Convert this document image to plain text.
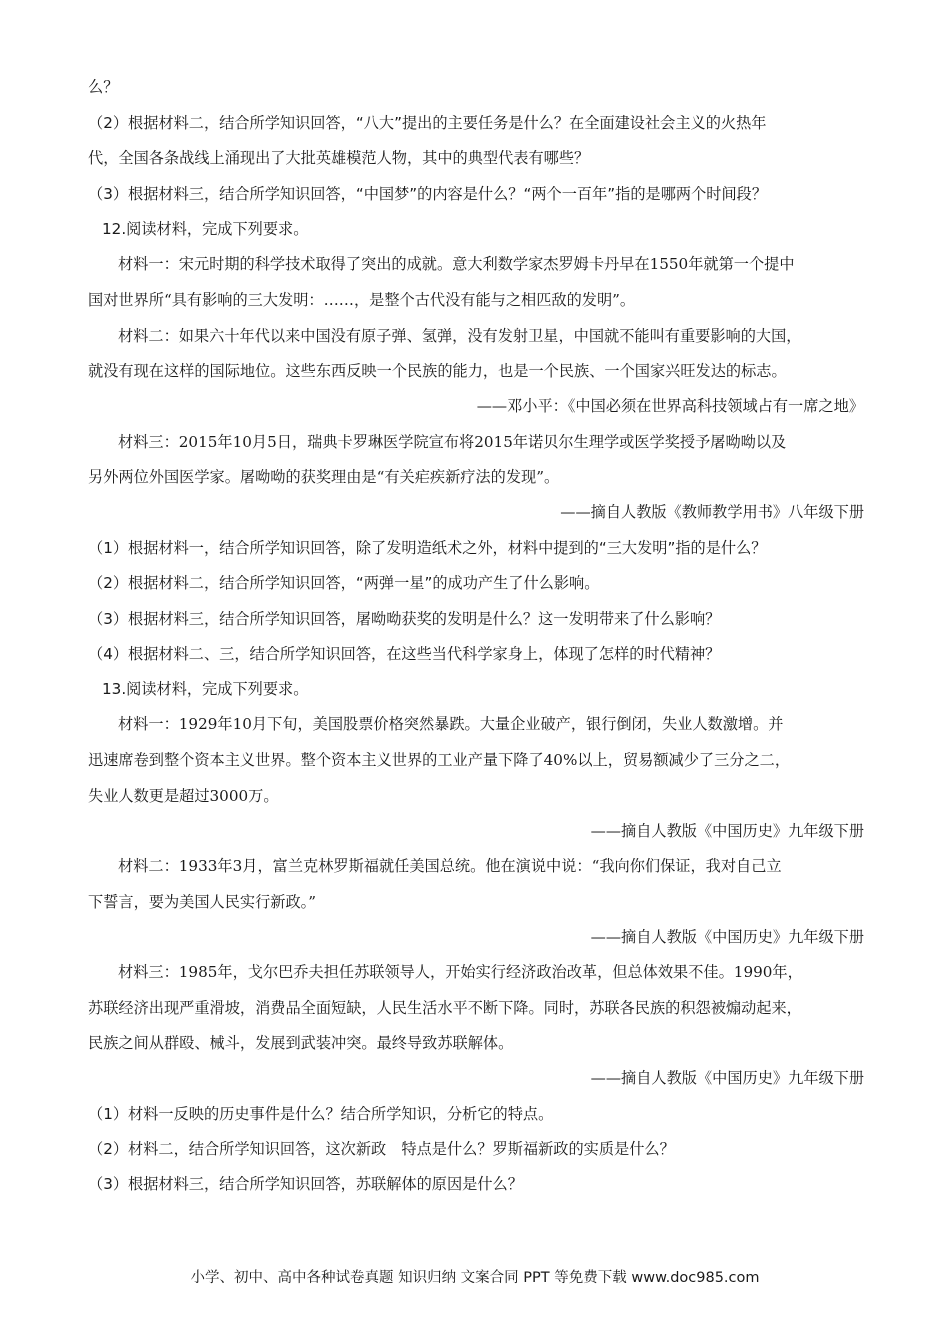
么？
（2）根据材料二，结合所学知识回答，“八大”提出的主要任务是什么？在全面建设社会主义的火热年
代，全国各条战线上涌现出了大批英雄模范人物，其中的典型代表有哪些？
（3）根据材料三，结合所学知识回答，“中国梦”的内容是什么？“两个一百年”指的是哪两个时间段？
12.阅读材料，完成下列要求。
材料一：宋元时期的科学技术取得了突出的成就。意大利数学家杰罗姆卡丹早在1550年就第一个提中
国对世界所“具有影响的三大发明：……，是整个古代没有能与之相匹敌的发明”。
材料二：如果六十年代以来中国没有原子弹、氢弹，没有发射卫星，中国就不能叫有重要影响的大国，
就没有现在这样的国际地位。这些东西反映一个民族的能力，也是一个民族、一个国家兴旺发达的标志。
——邓小平：《中国必须在世界高科技领域占有一席之地》
材料三：2015年10月5日，瑞典卡罗琳医学院宣布将2015年诺贝尔生理学或医学奖授予屠呦呦以及
另外两位外国医学家。屠呦呦的获奖理由是“有关疟疾新疗法的发现”。
——摘自人教版《教师教学用书》八年级下册
（1）根据材料一，结合所学知识回答，除了发明造纸术之外，材料中提到的“三大发明”指的是什么？
（2）根据材料二，结合所学知识回答，“两弹一星”的成功产生了什么影响。
（3）根据材料三，结合所学知识回答，屠呦呦获奖的发明是什么？这一发明带来了什么影响？
（4）根据材料二、三，结合所学知识回答，在这些当代科学家身上，体现了怎样的时代精神？
13.阅读材料，完成下列要求。
材料一：1929年10月下旬，美国股票价格突然暴跌。大量企业破产，银行倒闭，失业人数激增。并
迅速席卷到整个资本主义世界。整个资本主义世界的工业产量下降了40%以上，贸易额减少了三分之二，
失业人数更是超过3000万。
——摘自人教版《中国历史》九年级下册
材料二：1933年3月，富兰克林罗斯福就任美国总统。他在演说中说：“我向你们保证，我对自己立
下誓言，要为美国人民实行新政。”
——摘自人教版《中国历史》九年级下册
材料三：1985年，戈尔巴乔夫担任苏联领导人，开始实行经济政治改革，但总体效果不佳。1990年，
苏联经济出现严重滑坡，消费品全面短缺，人民生活水平不断下降。同时，苏联各民族的积怨被煽动起来，
民族之间从群殴、械斗，发展到武装冲突。最终导致苏联解体。
——摘自人教版《中国历史》九年级下册
（1）材料一反映的历史事件是什么？结合所学知识，分析它的特点。
（2）材料二，结合所学知识回答，这次新政　特点是什么？罗斯福新政的实质是什么？
（3）根据材料三，结合所学知识回答，苏联解体的原因是什么？
小学、初中、高中各种试卷真题 知识归纳 文案合同 PPT 等免费下载 www.doc985.com
